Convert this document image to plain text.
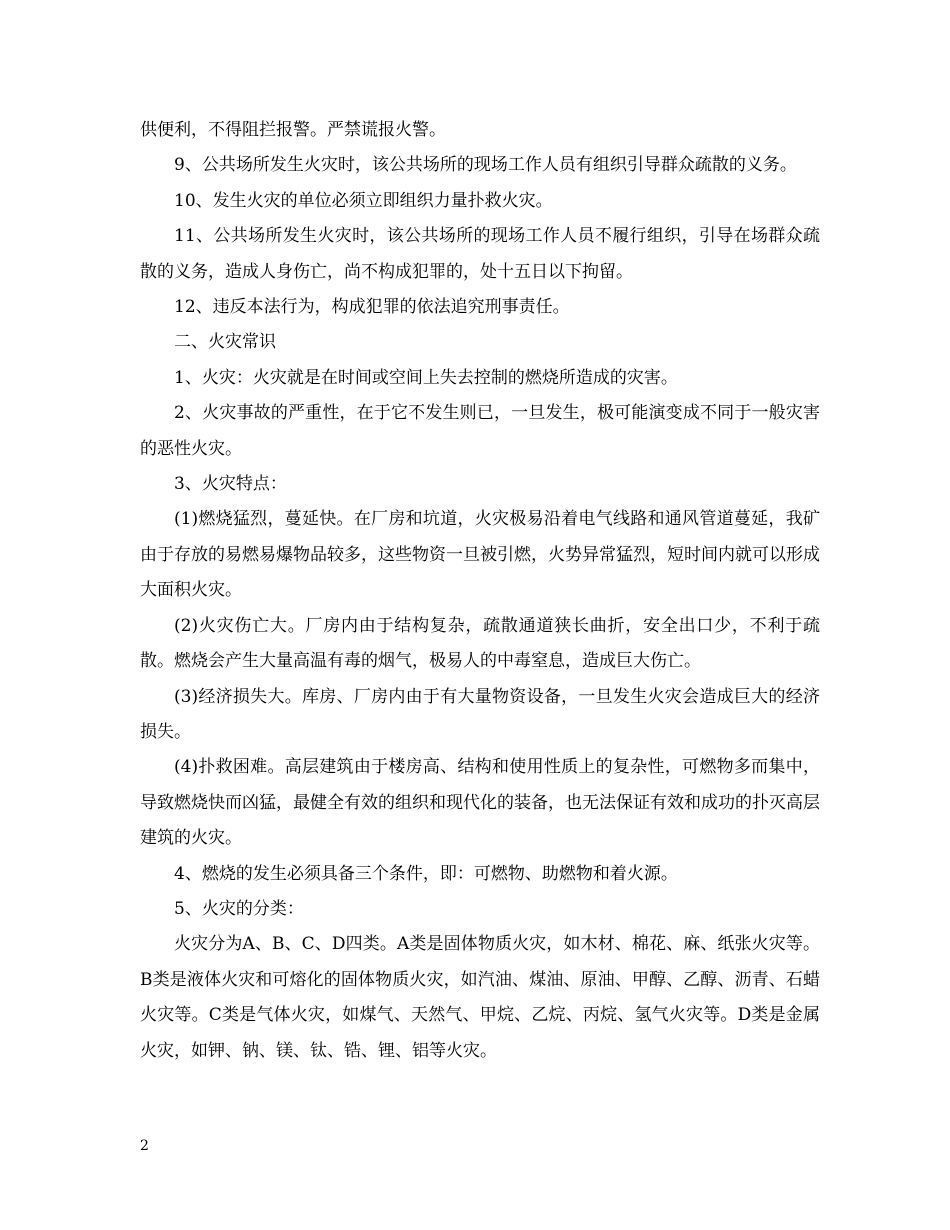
供便利，不得阻拦报警。严禁谎报火警。

9、公共场所发生火灾时，该公共场所的现场工作人员有组织引导群众疏散的义务。

10、发生火灾的单位必须立即组织力量扑救火灾。

11、公共场所发生火灾时，该公共场所的现场工作人员不履行组织，引导在场群众疏散的义务，造成人身伤亡，尚不构成犯罪的，处十五日以下拘留。

12、违反本法行为，构成犯罪的依法追究刑事责任。

二、火灾常识

1、火灾：火灾就是在时间或空间上失去控制的燃烧所造成的灾害。

2、火灾事故的严重性，在于它不发生则已，一旦发生，极可能演变成不同于一般灾害的恶性火灾。

3、火灾特点：

(1)燃烧猛烈，蔓延快。在厂房和坑道，火灾极易沿着电气线路和通风管道蔓延，我矿由于存放的易燃易爆物品较多，这些物资一旦被引燃，火势异常猛烈，短时间内就可以形成大面积火灾。

(2)火灾伤亡大。厂房内由于结构复杂，疏散通道狭长曲折，安全出口少，不利于疏散。燃烧会产生大量高温有毒的烟气，极易人的中毒窒息，造成巨大伤亡。

(3)经济损失大。库房、厂房内由于有大量物资设备，一旦发生火灾会造成巨大的经济损失。

(4)扑救困难。高层建筑由于楼房高、结构和使用性质上的复杂性，可燃物多而集中，导致燃烧快而凶猛，最健全有效的组织和现代化的装备，也无法保证有效和成功的扑灭高层建筑的火灾。

4、燃烧的发生必须具备三个条件，即：可燃物、助燃物和着火源。

5、火灾的分类：

火灾分为A、B、C、D四类。A类是固体物质火灾，如木材、棉花、麻、纸张火灾等。B类是液体火灾和可熔化的固体物质火灾，如汽油、煤油、原油、甲醇、乙醇、沥青、石蜡火灾等。C类是气体火灾，如煤气、天然气、甲烷、乙烷、丙烷、氢气火灾等。D类是金属火灾，如钾、钠、镁、钛、锆、锂、铝等火灾。

2
